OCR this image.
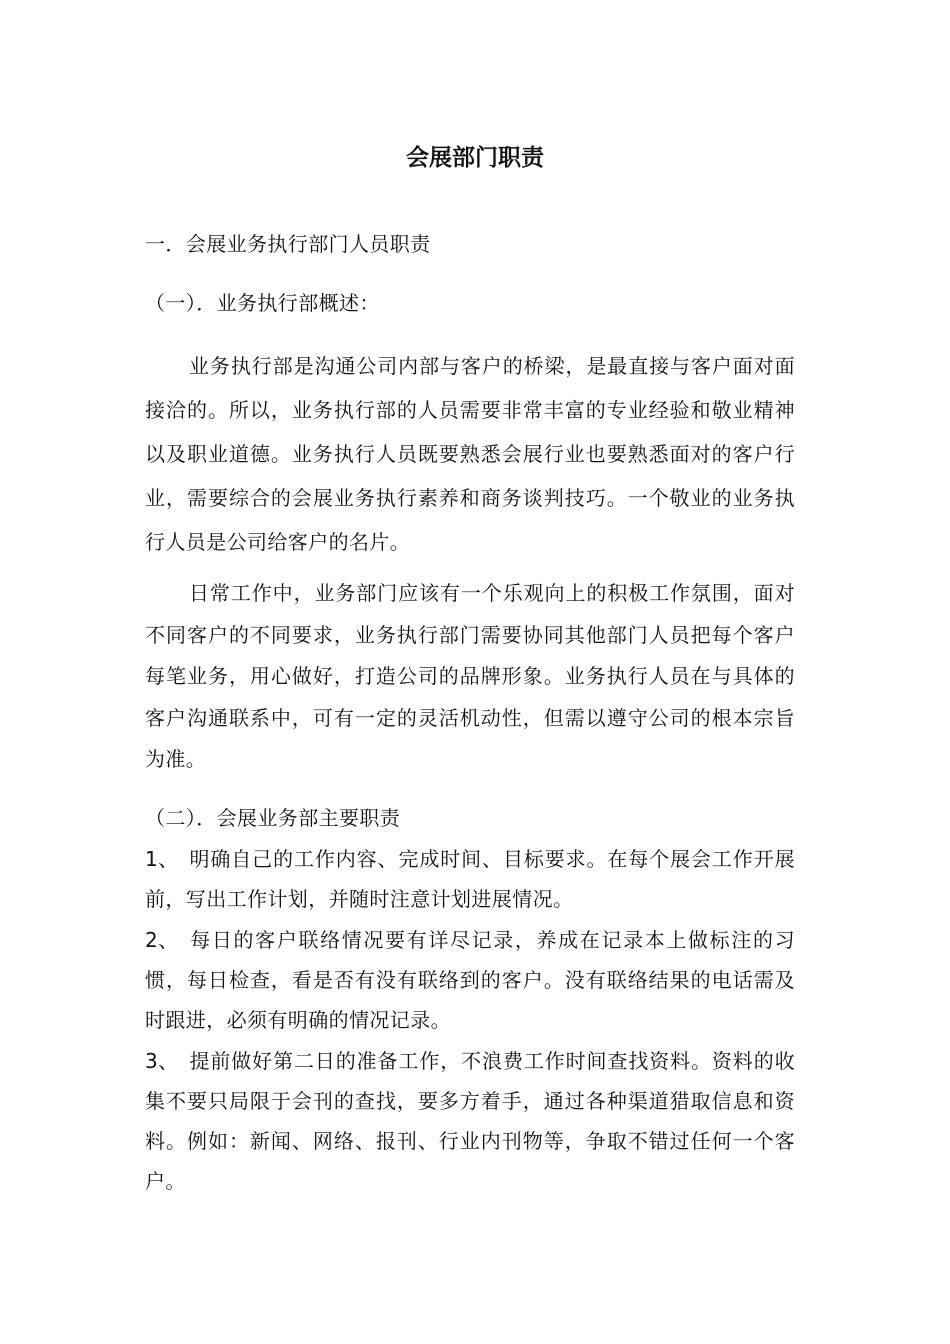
会展部门职责

一．会展业务执行部门人员职责

（一）．业务执行部概述：

业务执行部是沟通公司内部与客户的桥梁，是最直接与客户面对面接洽的。所以，业务执行部的人员需要非常丰富的专业经验和敬业精神以及职业道德。业务执行人员既要熟悉会展行业也要熟悉面对的客户行业，需要综合的会展业务执行素养和商务谈判技巧。一个敬业的业务执行人员是公司给客户的名片。

日常工作中，业务部门应该有一个乐观向上的积极工作氛围，面对不同客户的不同要求，业务执行部门需要协同其他部门人员把每个客户每笔业务，用心做好，打造公司的品牌形象。业务执行人员在与具体的客户沟通联系中，可有一定的灵活机动性，但需以遵守公司的根本宗旨为准。

（二）．会展业务部主要职责

1、 明确自己的工作内容、完成时间、目标要求。在每个展会工作开展前，写出工作计划，并随时注意计划进展情况。

2、 每日的客户联络情况要有详尽记录，养成在记录本上做标注的习惯，每日检查，看是否有没有联络到的客户。没有联络结果的电话需及时跟进，必须有明确的情况记录。

3、 提前做好第二日的准备工作，不浪费工作时间查找资料。资料的收集不要只局限于会刊的查找，要多方着手，通过各种渠道猎取信息和资料。例如：新闻、网络、报刊、行业内刊物等，争取不错过任何一个客户。
